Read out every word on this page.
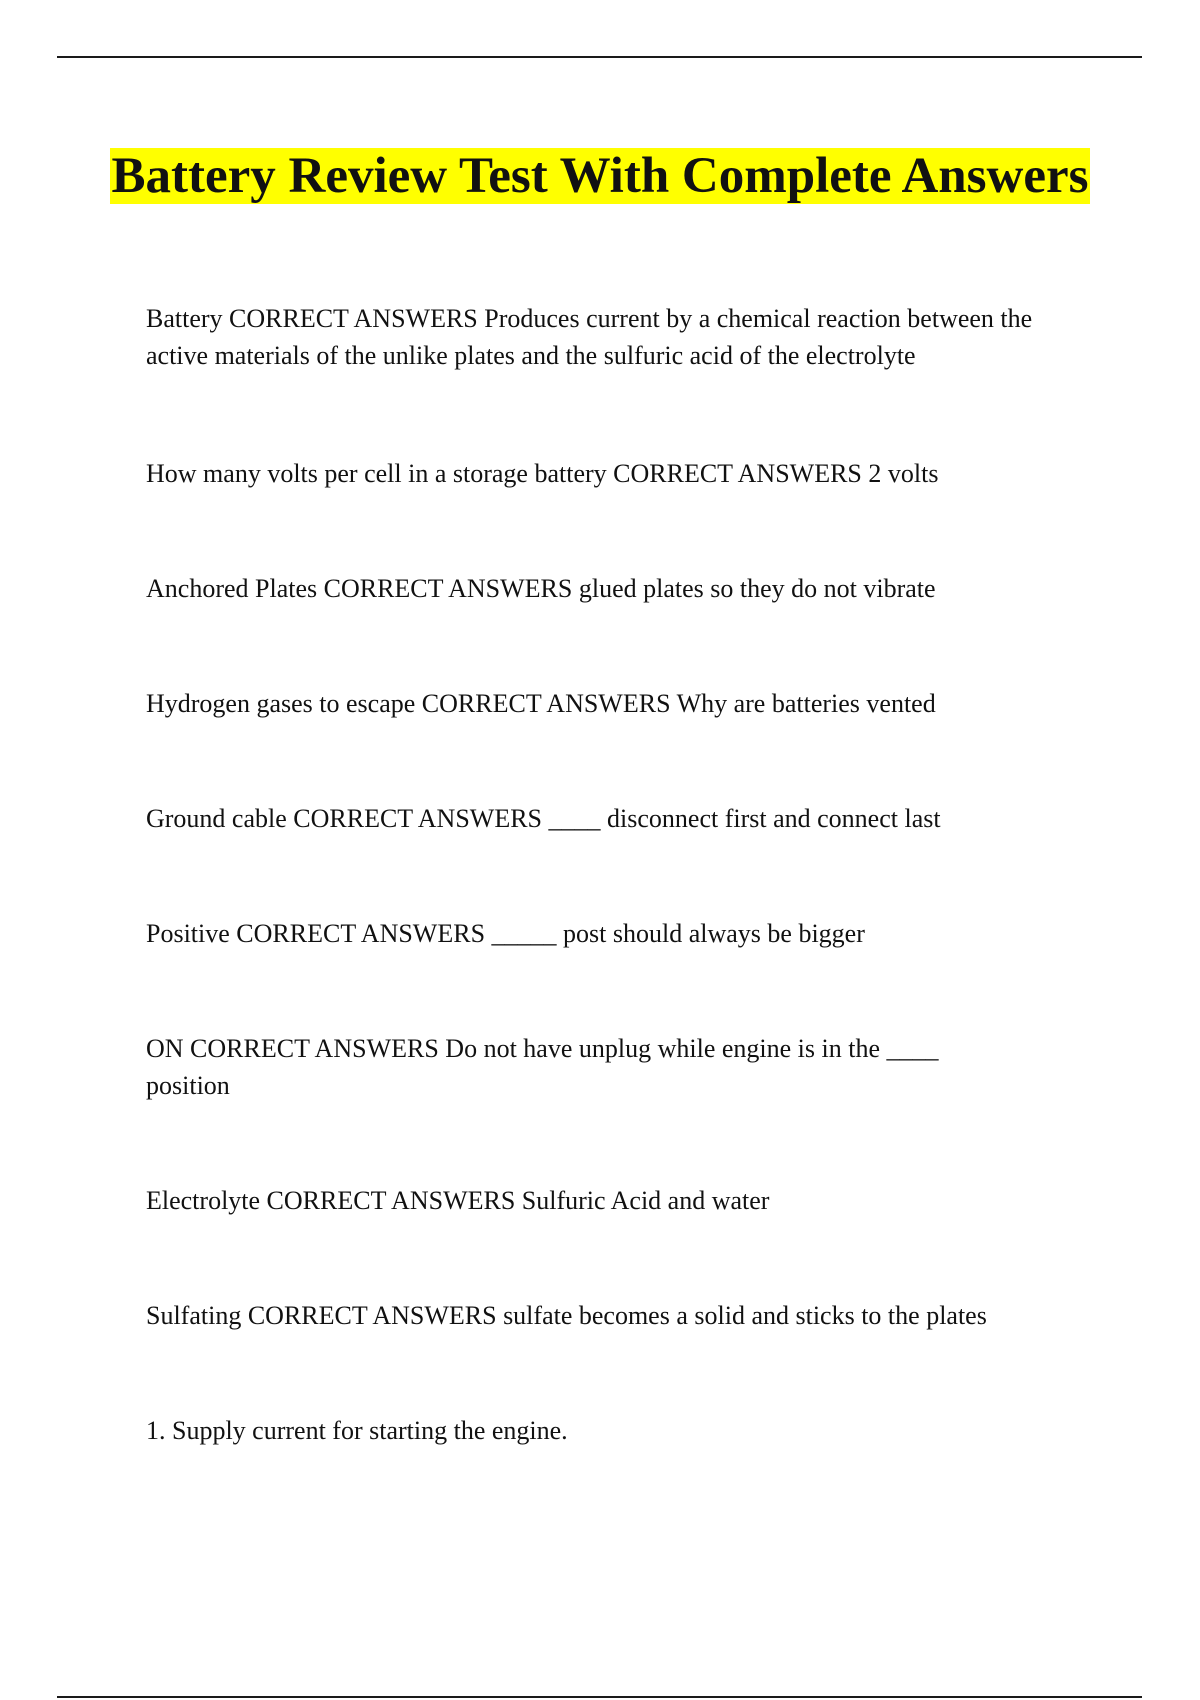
Battery Review Test With Complete Answers

Battery CORRECT ANSWERS Produces current by a chemical reaction between the active materials of the unlike plates and the sulfuric acid of the electrolyte

How many volts per cell in a storage battery CORRECT ANSWERS 2 volts

Anchored Plates CORRECT ANSWERS glued plates so they do not vibrate

Hydrogen gases to escape CORRECT ANSWERS Why are batteries vented

Ground cable CORRECT ANSWERS ____ disconnect first and connect last

Positive CORRECT ANSWERS _____ post should always be bigger

ON CORRECT ANSWERS Do not have unplug while engine is in the ____ position

Electrolyte CORRECT ANSWERS Sulfuric Acid and water

Sulfating CORRECT ANSWERS sulfate becomes a solid and sticks to the plates

1. Supply current for starting the engine.
